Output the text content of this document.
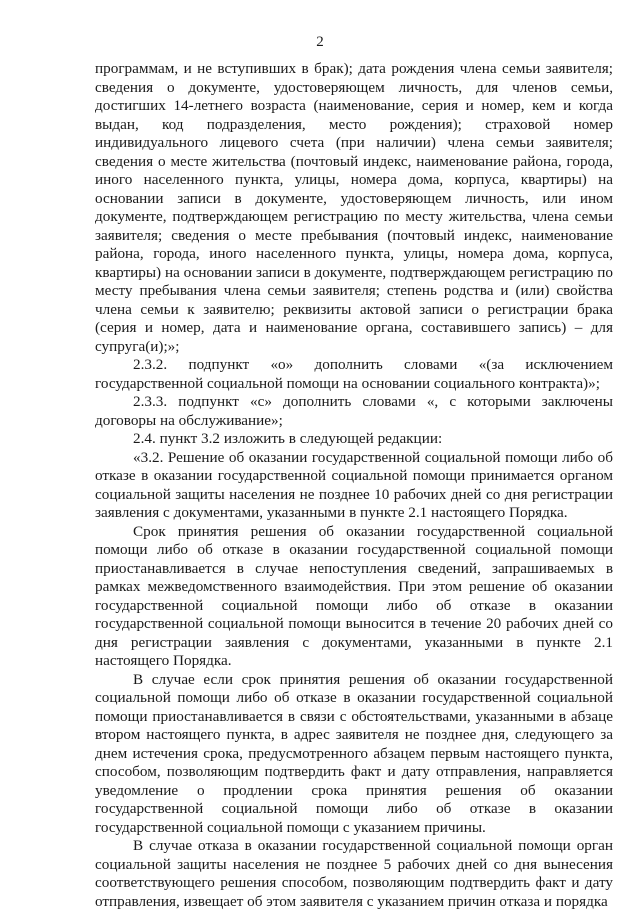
2

программам, и не вступивших в брак); дата рождения члена семьи заявителя; сведения о документе, удостоверяющем личность, для членов семьи, достигших 14-летнего возраста (наименование, серия и номер, кем и когда выдан, код подразделения, место рождения); страховой номер индивидуального лицевого счета (при наличии) члена семьи заявителя; сведения о месте жительства (почтовый индекс, наименование района, города, иного населенного пункта, улицы, номера дома, корпуса, квартиры) на основании записи в документе, удостоверяющем личность, или ином документе, подтверждающем регистрацию по месту жительства, члена семьи заявителя; сведения о месте пребывания (почтовый индекс, наименование района, города, иного населенного пункта, улицы, номера дома, корпуса, квартиры) на основании записи в документе, подтверждающем регистрацию по месту пребывания члена семьи заявителя; степень родства и (или) свойства члена семьи к заявителю; реквизиты актовой записи о регистрации брака (серия и номер, дата и наименование органа, составившего запись) – для супруга(и);»;

2.3.2. подпункт «о» дополнить словами «(за исключением государственной социальной помощи на основании социального контракта)»;

2.3.3. подпункт «с» дополнить словами «, с которыми заключены договоры на обслуживание»;

2.4. пункт 3.2 изложить в следующей редакции:

«3.2. Решение об оказании государственной социальной помощи либо об отказе в оказании государственной социальной помощи принимается органом социальной защиты населения не позднее 10 рабочих дней со дня регистрации заявления с документами, указанными в пункте 2.1 настоящего Порядка.

Срок принятия решения об оказании государственной социальной помощи либо об отказе в оказании государственной социальной помощи приостанавливается в случае непоступления сведений, запрашиваемых в рамках межведомственного взаимодействия. При этом решение об оказании государственной социальной помощи либо об отказе в оказании государственной социальной помощи выносится в течение 20 рабочих дней со дня регистрации заявления с документами, указанными в пункте 2.1 настоящего Порядка.

В случае если срок принятия решения об оказании государственной социальной помощи либо об отказе в оказании государственной социальной помощи приостанавливается в связи с обстоятельствами, указанными в абзаце втором настоящего пункта, в адрес заявителя не позднее дня, следующего за днем истечения срока, предусмотренного абзацем первым настоящего пункта, способом, позволяющим подтвердить факт и дату отправления, направляется уведомление о продлении срока принятия решения об оказании государственной социальной помощи либо об отказе в оказании государственной социальной помощи с указанием причины.

В случае отказа в оказании государственной социальной помощи орган социальной защиты населения не позднее 5 рабочих дней со дня вынесения соответствующего решения способом, позволяющим подтвердить факт и дату отправления, извещает об этом заявителя с указанием причин отказа и порядка
